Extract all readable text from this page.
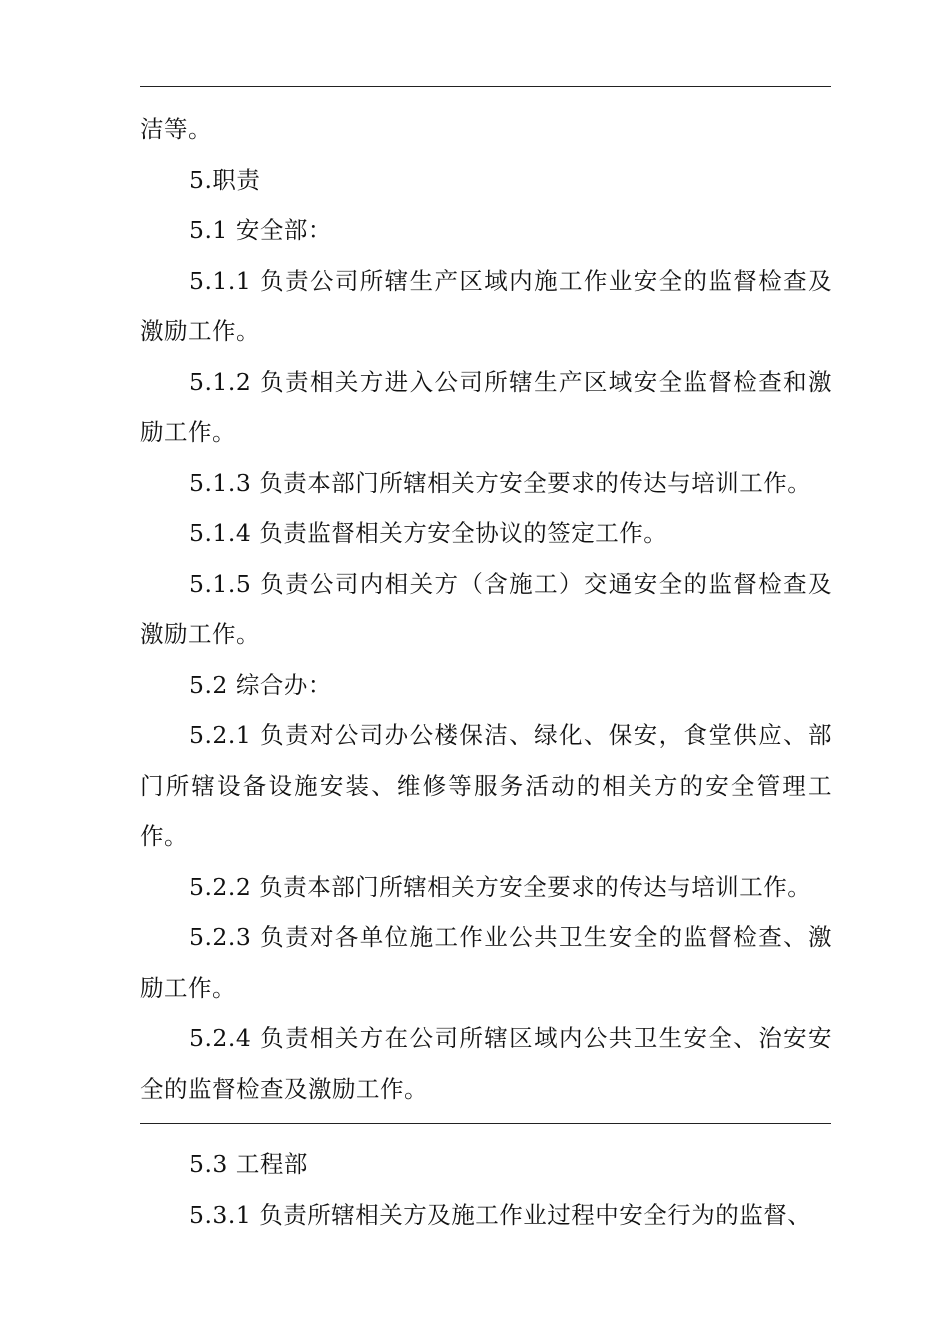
洁等。

5.职责

5.1 安全部：

5.1.1 负责公司所辖生产区域内施工作业安全的监督检查及激励工作。

5.1.2 负责相关方进入公司所辖生产区域安全监督检查和激励工作。

5.1.3 负责本部门所辖相关方安全要求的传达与培训工作。

5.1.4 负责监督相关方安全协议的签定工作。

5.1.5 负责公司内相关方（含施工）交通安全的监督检查及激励工作。

5.2 综合办：

5.2.1 负责对公司办公楼保洁、绿化、保安，食堂供应、部门所辖设备设施安装、维修等服务活动的相关方的安全管理工作。

5.2.2 负责本部门所辖相关方安全要求的传达与培训工作。

5.2.3 负责对各单位施工作业公共卫生安全的监督检查、激励工作。

5.2.4 负责相关方在公司所辖区域内公共卫生安全、治安安全的监督检查及激励工作。

5.3 工程部

5.3.1 负责所辖相关方及施工作业过程中安全行为的监督、
